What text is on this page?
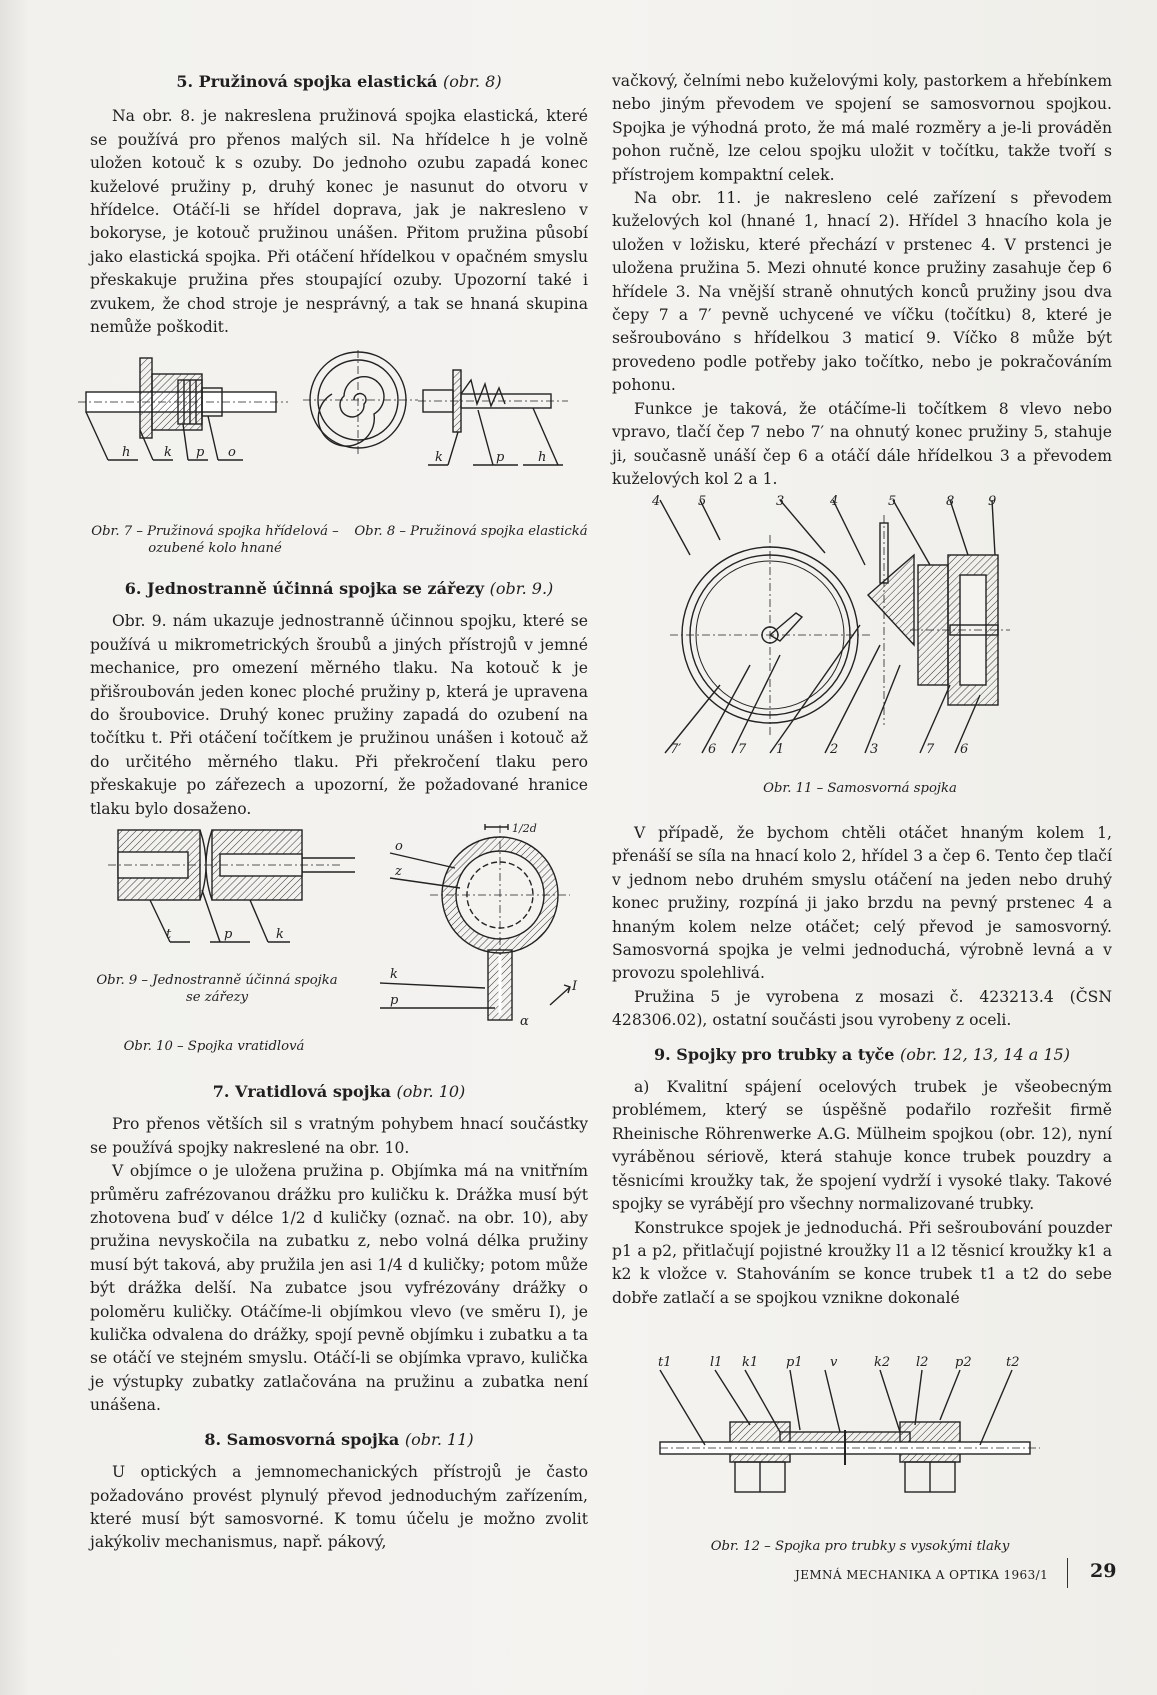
5. Pružinová spojka elastická (obr. 8)

Na obr. 8. je nakreslena pružinová spojka elastická, které se používá pro přenos malých sil. Na hřídelce h je volně uložen kotouč k s ozuby. Do jednoho ozubu zapadá konec kuželové pružiny p, druhý konec je nasunut do otvoru v hřídelce. Otáčí-li se hřídel doprava, jak je nakresleno v bokoryse, je kotouč pružinou unášen. Přitom pružina působí jako elastická spojka. Při otáčení hřídelkou v opačném smyslu přeskakuje pružina přes stoupající ozuby. Upozorní také i zvukem, že chod stroje je nesprávný, a tak se hnaná skupina nemůže poškodit.

h	k p o	k	p	h
Obr. 7 – Pružinová spojka hřídelová – ozubené kolo hnané
Obr. 8 – Pružinová spojka elastická

6. Jednostranně účinná spojka se zářezy (obr. 9.)

Obr. 9. nám ukazuje jednostranně účinnou spojku, které se používá u mikrometrických šroubů a jiných přístrojů v jemné mechanice, pro omezení měrného tlaku. Na kotouč k je přišroubován jeden konec ploché pružiny p, která je upravena do šroubovice. Druhý konec pružiny zapadá do ozubení na točítku t. Při otáčení točítkem je pružinou unášen i kotouč až do určitého měrného tlaku. Při překročení tlaku pero přeskakuje po zářezech a upozorní, že požadované hranice tlaku bylo dosaženo.

t	p	k
1/2d
o
z
k
p
I
α
Obr. 9 – Jednostranně účinná spojka se zářezy
Obr. 10 – Spojka vratidlová

7. Vratidlová spojka (obr. 10)

Pro přenos větších sil s vratným pohybem hnací součástky se používá spojky nakreslené na obr. 10.

V objímce o je uložena pružina p. Objímka má na vnitřním průměru zafrézovanou drážku pro kuličku k. Drážka musí být zhotovena buď v délce 1/2 d kuličky (označ. na obr. 10), aby pružina nevyskočila na zubatku z, nebo volná délka pružiny musí být taková, aby pružila jen asi 1/4 d kuličky; potom může být drážka delší. Na zubatce jsou vyfrézovány drážky o poloměru kuličky. Otáčíme-li objímkou vlevo (ve směru I), je kulička odvalena do drážky, spojí pevně objímku i zubatku a ta se otáčí ve stejném smyslu. Otáčí-li se objímka vpravo, kulička je výstupky zubatky zatlačována na pružinu a zubatka není unášena.

8. Samosvorná spojka (obr. 11)

U optických a jemnomechanických přístrojů je často požadováno provést plynulý převod jednoduchým zařízením, které musí být samosvorné. K tomu účelu je možno zvolit jakýkoliv mechanismus, např. pákový,

vačkový, čelními nebo kuželovými koly, pastorkem a hřebínkem nebo jiným převodem ve spojení se samosvornou spojkou. Spojka je výhodná proto, že má malé rozměry a je-li prováděn pohon ručně, lze celou spojku uložit v točítku, takže tvoří s přístrojem kompaktní celek.

Na obr. 11. je nakresleno celé zařízení s převodem kuželových kol (hnané 1, hnací 2). Hřídel 3 hnacího kola je uložen v ložisku, které přechází v prstenec 4. V prstenci je uložena pružina 5. Mezi ohnuté konce pružiny zasahuje čep 6 hřídele 3. Na vnější straně ohnutých konců pružiny jsou dva čepy 7 a 7′ pevně uchycené ve víčku (točítku) 8, které je sešroubováno s hřídelkou 3 maticí 9. Víčko 8 může být provedeno podle potřeby jako točítko, nebo je pokračováním pohonu.

Funkce je taková, že otáčíme-li točítkem 8 vlevo nebo vpravo, tlačí čep 7 nebo 7′ na ohnutý konec pružiny 5, stahuje ji, současně unáší čep 6 a otáčí dále hřídelkou 3 a převodem kuželových kol 2 a 1.

4	5	3	4	5	8	9
7′ 6 7 1	2 3	7 6
Obr. 11 – Samosvorná spojka

V případě, že bychom chtěli otáčet hnaným kolem 1, přenáší se síla na hnací kolo 2, hřídel 3 a čep 6. Tento čep tlačí v jednom nebo druhém smyslu otáčení na jeden nebo druhý konec pružiny, rozpíná ji jako brzdu na pevný prstenec 4 a hnaným kolem nelze otáčet; celý převod je samosvorný. Samosvorná spojka je velmi jednoduchá, výrobně levná a v provozu spolehlivá.

Pružina 5 je vyrobena z mosazi č. 423213.4 (ČSN 428306.02), ostatní součásti jsou vyrobeny z oceli.

9. Spojky pro trubky a tyče (obr. 12, 13, 14 a 15)

a) Kvalitní spájení ocelových trubek je všeobecným problémem, který se úspěšně podařilo rozřešit firmě Rheinische Röhrenwerke A.G. Mülheim spojkou (obr. 12), nyní vyráběnou sériově, která stahuje konce trubek pouzdry a těsnicími kroužky tak, že spojení vydrží i vysoké tlaky. Takové spojky se vyrábějí pro všechny normalizované trubky.

Konstrukce spojek je jednoduchá. Při sešroubování pouzder p1 a p2, přitlačují pojistné kroužky l1 a l2 těsnicí kroužky k1 a k2 k vložce v. Stahováním se konce trubek t1 a t2 do sebe dobře zatlačí a se spojkou vznikne dokonalé

t1	l1 k1 p1 v	k2 l2 p2	t2
Obr. 12 – Spojka pro trubky s vysokými tlaky
JEMNÁ MECHANIKA A OPTIKA 1963/1 29
